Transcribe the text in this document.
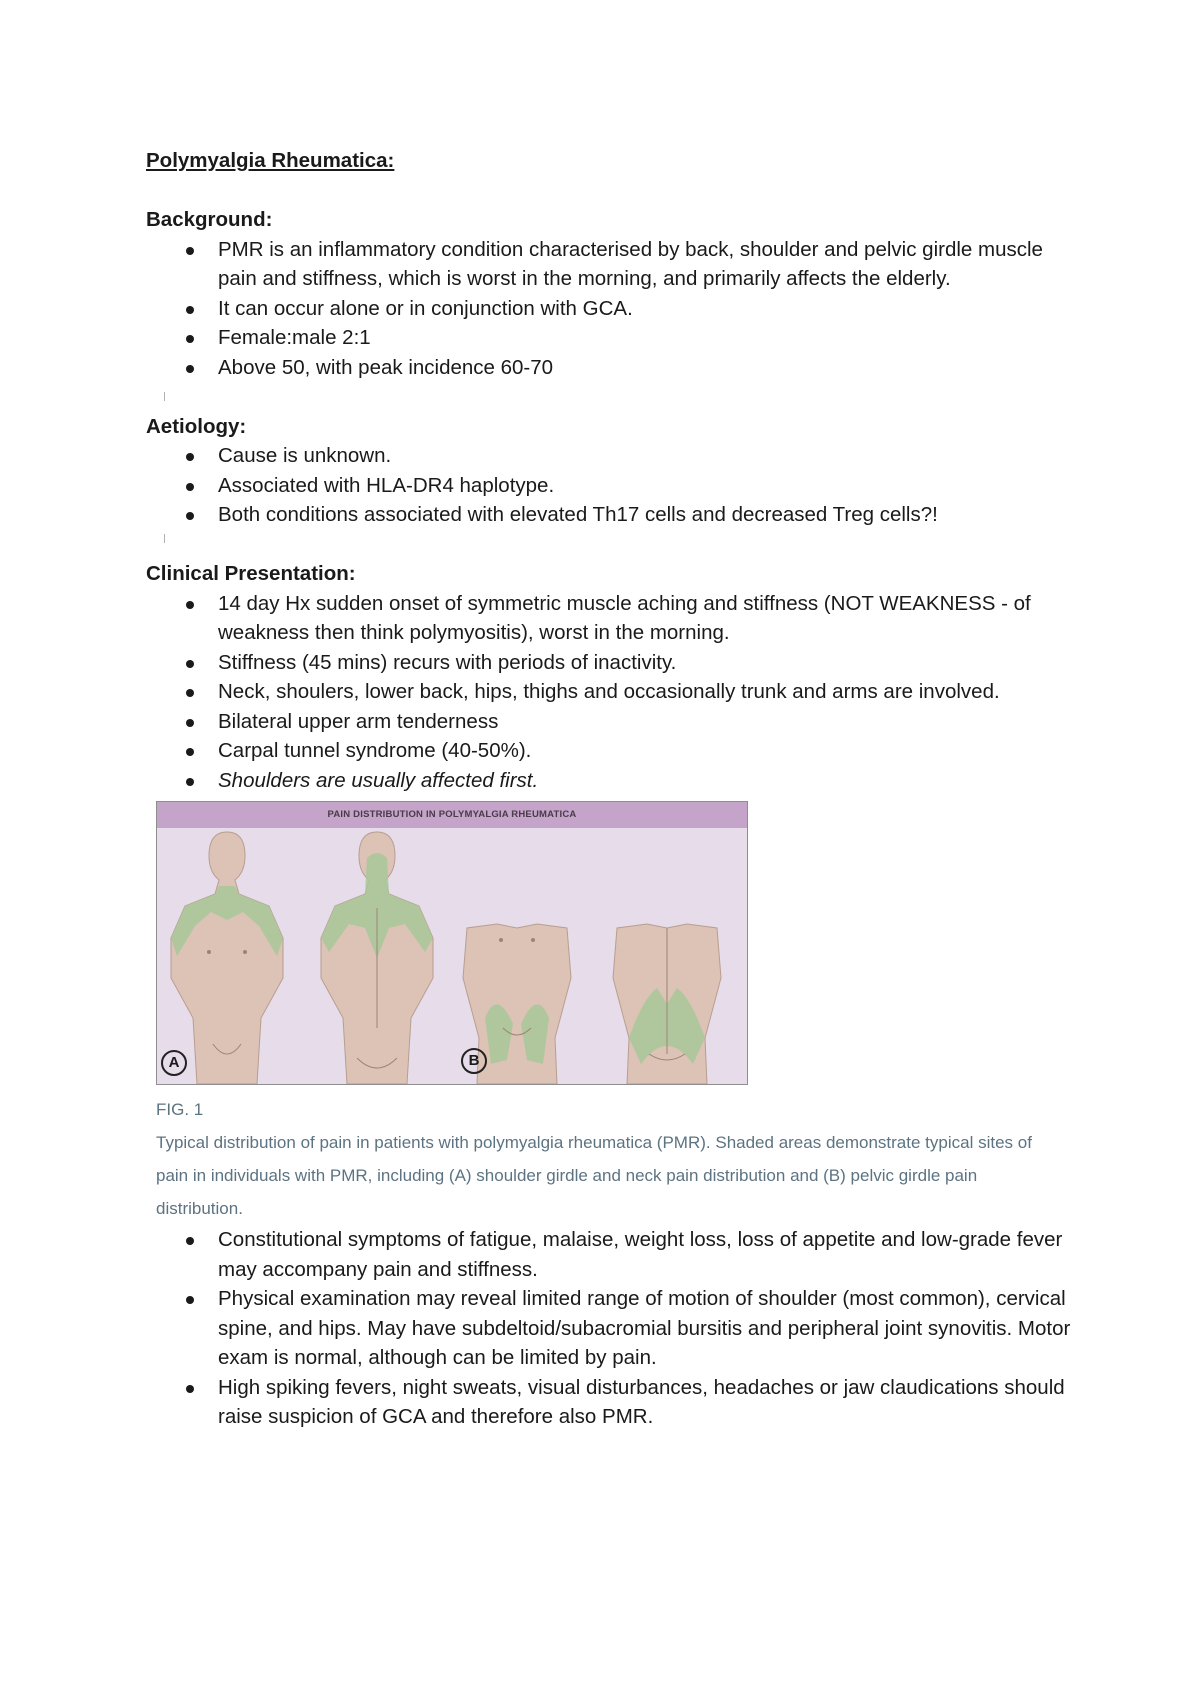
Polymyalgia Rheumatica:

Background:

PMR is an inflammatory condition characterised by back, shoulder and pelvic girdle muscle pain and stiffness, which is worst in the morning, and primarily affects the elderly.
It can occur alone or in conjunction with GCA.
Female:male 2:1
Above 50, with peak incidence 60-70

Aetiology:

Cause is unknown.
Associated with HLA-DR4 haplotype.
Both conditions associated with elevated Th17 cells and decreased Treg cells?!

Clinical Presentation:

14 day Hx sudden onset of symmetric muscle aching and stiffness (NOT WEAKNESS - of weakness then think polymyositis), worst in the morning.
Stiffness (45 mins) recurs with periods of inactivity.
Neck, shoulers, lower back, hips, thighs and occasionally trunk and arms are involved.
Bilateral upper arm tenderness
Carpal tunnel syndrome (40-50%).
Shoulders are usually affected first.
PAIN DISTRIBUTION IN POLYMYALGIA RHEUMATICA
A	B

FIG. 1

Typical distribution of pain in patients with polymyalgia rheumatica (PMR). Shaded areas demonstrate typical sites of pain in individuals with PMR, including (A) shoulder girdle and neck pain distribution and (B) pelvic girdle pain distribution.

Constitutional symptoms of fatigue, malaise, weight loss, loss of appetite and low-grade fever may accompany pain and stiffness.
Physical examination may reveal limited range of motion of shoulder (most common), cervical spine, and hips. May have subdeltoid/subacromial bursitis and peripheral joint synovitis. Motor exam is normal, although can be limited by pain.
High spiking fevers, night sweats, visual disturbances, headaches or jaw claudications should raise suspicion of GCA and therefore also PMR.
